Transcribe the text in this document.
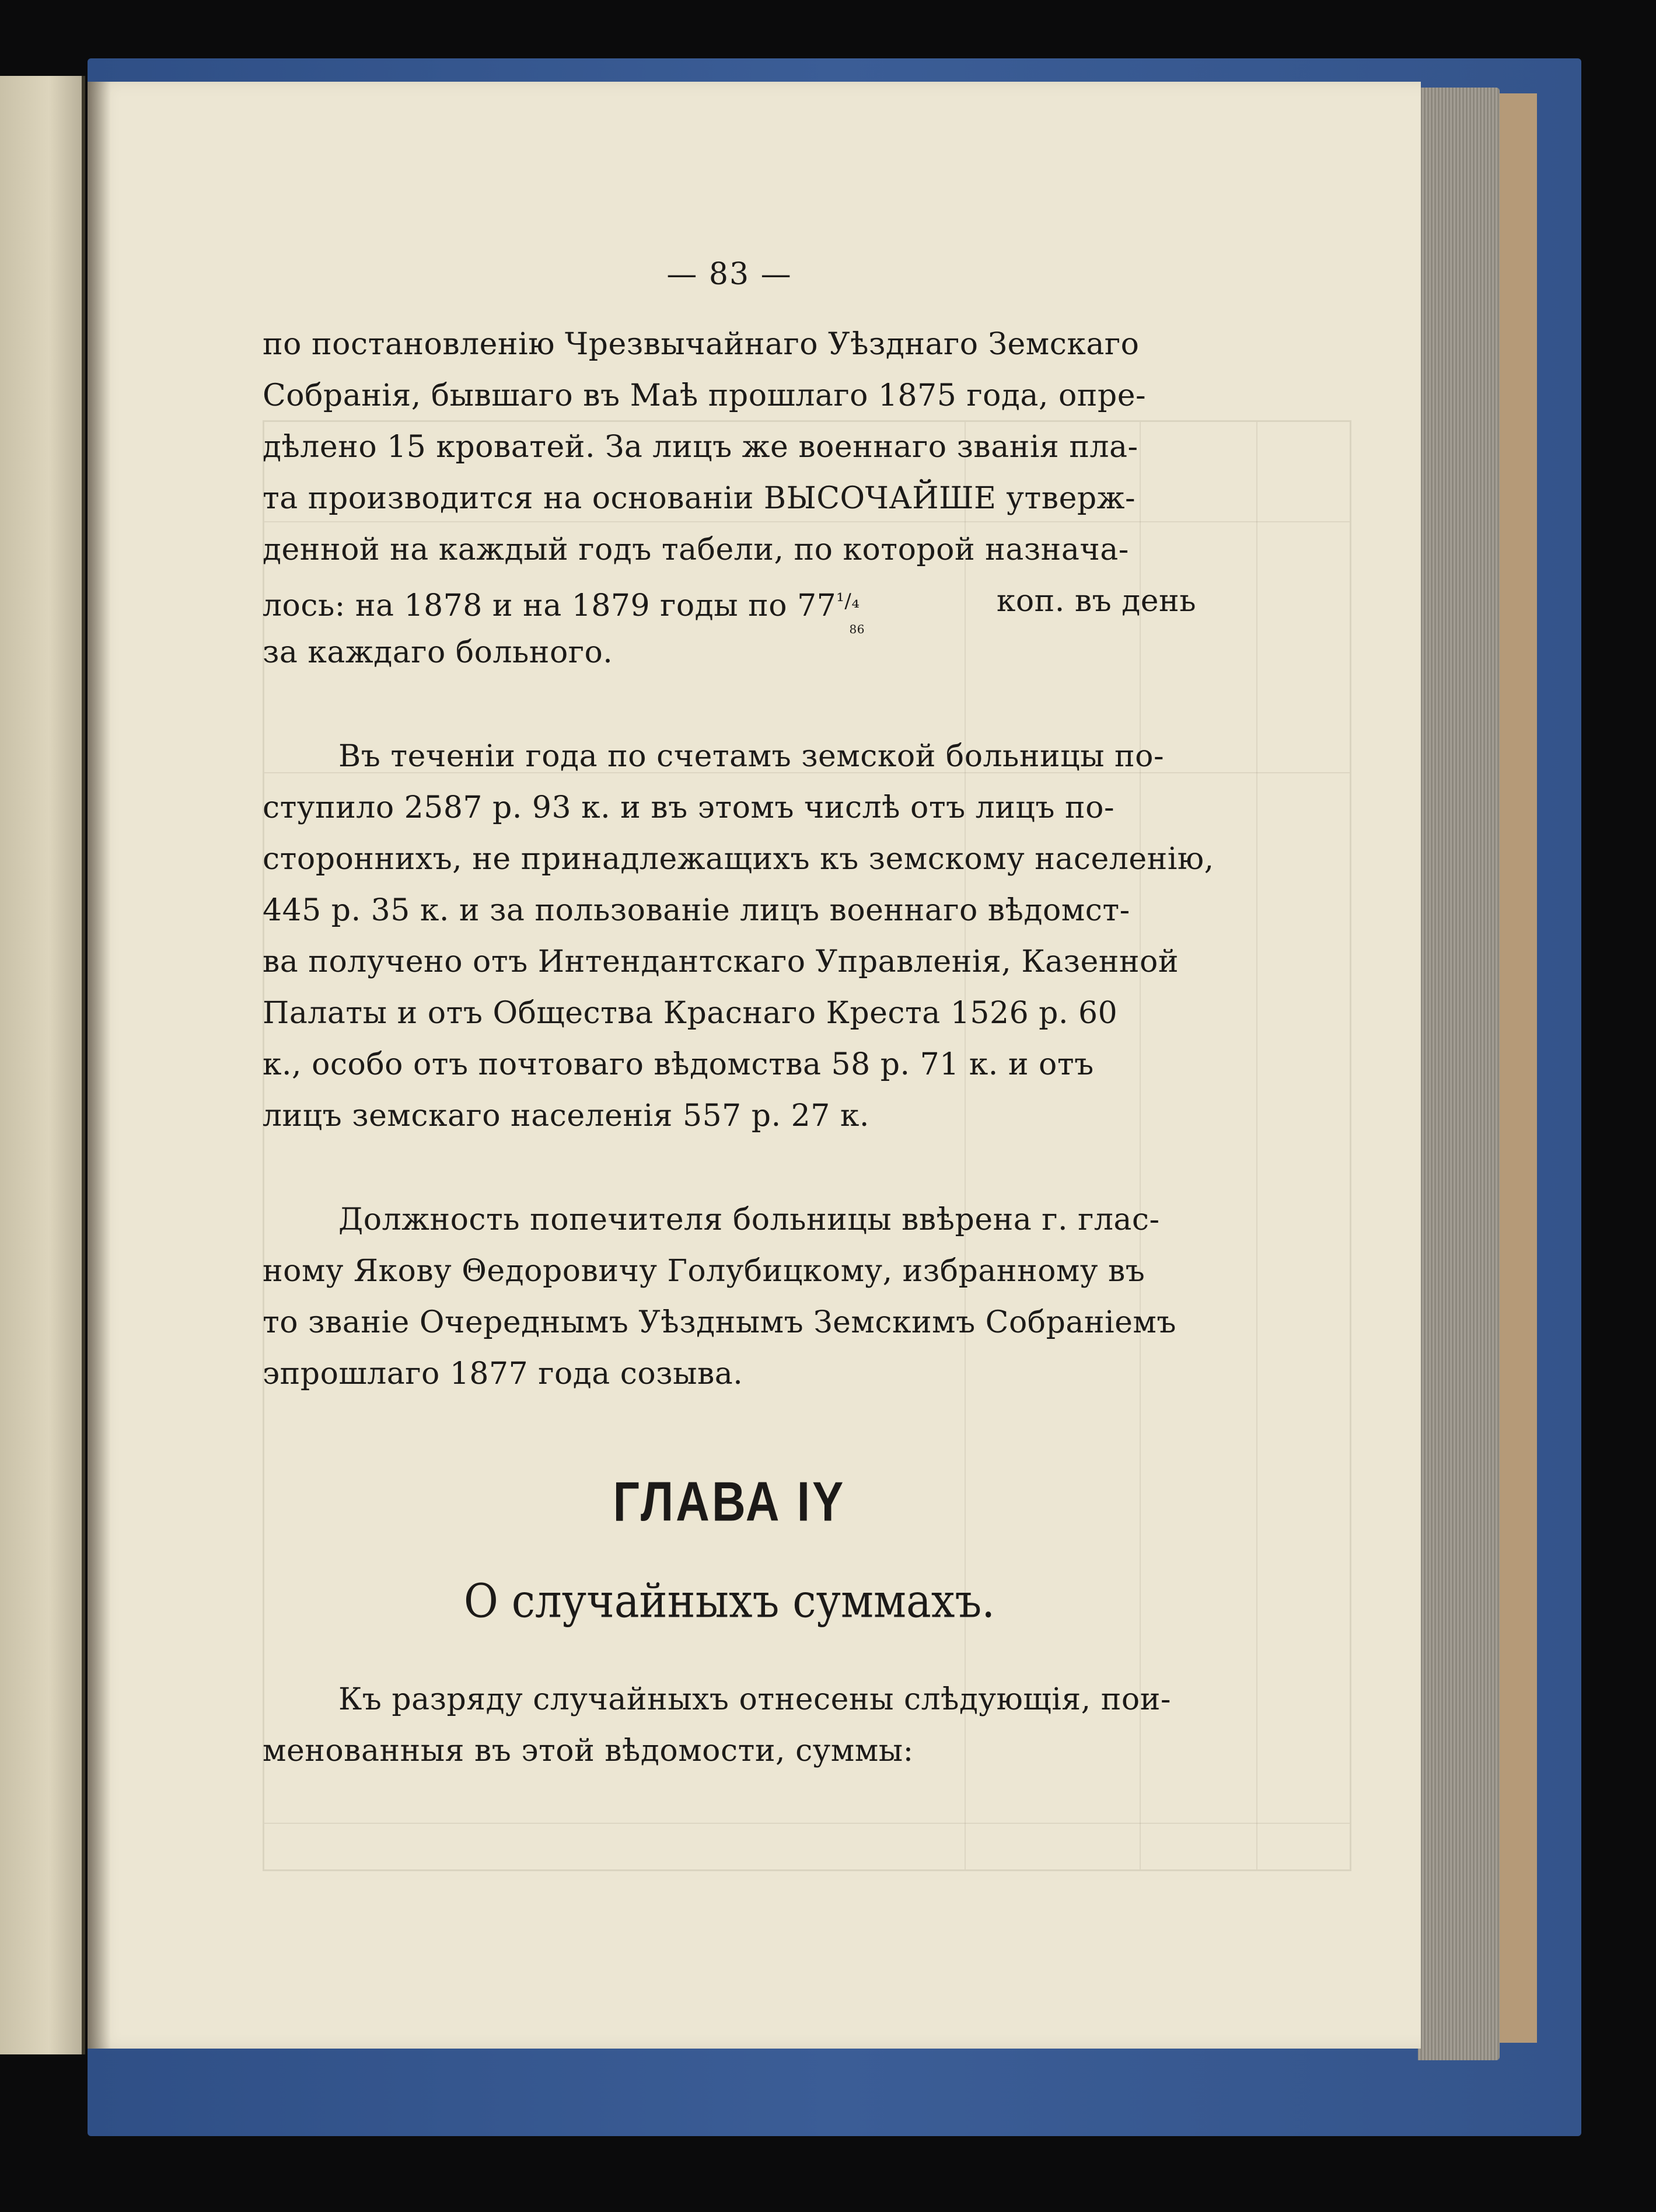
— 83 —
по постановленію Чрезвычайнаго Уѣзднаго Земскаго
Собранія, бывшаго въ Маѣ прошлаго 1875 года, опре-
дѣлено 15 кроватей. За лицъ же военнаго званія пла-
та производится на основаніи ВЫСОЧАЙШЕ утверж-
денной на каждый годъ табели, по которой назнача-
лось: на 1878 и на 1879 годы по $77^{^1/_4}_{86}$
коп. въ день
за каждаго больного.
Въ теченіи года по счетамъ земской больницы по-
ступило 2587 р. 93 к. и въ этомъ числѣ отъ лицъ по-
стороннихъ, не принадлежащихъ къ земскому населенію,
445 р. 35 к. и за пользованіе лицъ военнаго вѣдомст-
ва получено отъ Интендантскаго Управленія, Казенной
Палаты и отъ Общества Краснаго Креста 1526 р. 60
к., особо отъ почтоваго вѣдомства 58 р. 71 к. и отъ
лицъ земскаго населенія 557 р. 27 к.
Должность попечителя больницы ввѣрена г. глас-
ному Якову Θедоровичу Голубицкому, избранному въ
то званіе Очереднымъ Уѣзднымъ Земскимъ Собраніемъ
эпрошлаго 1877 года созыва.
ГЛАВА IY
О случайныхъ суммахъ.
Къ разряду случайныхъ отнесены слѣдующія, пои-
менованныя въ этой вѣдомости, суммы:
